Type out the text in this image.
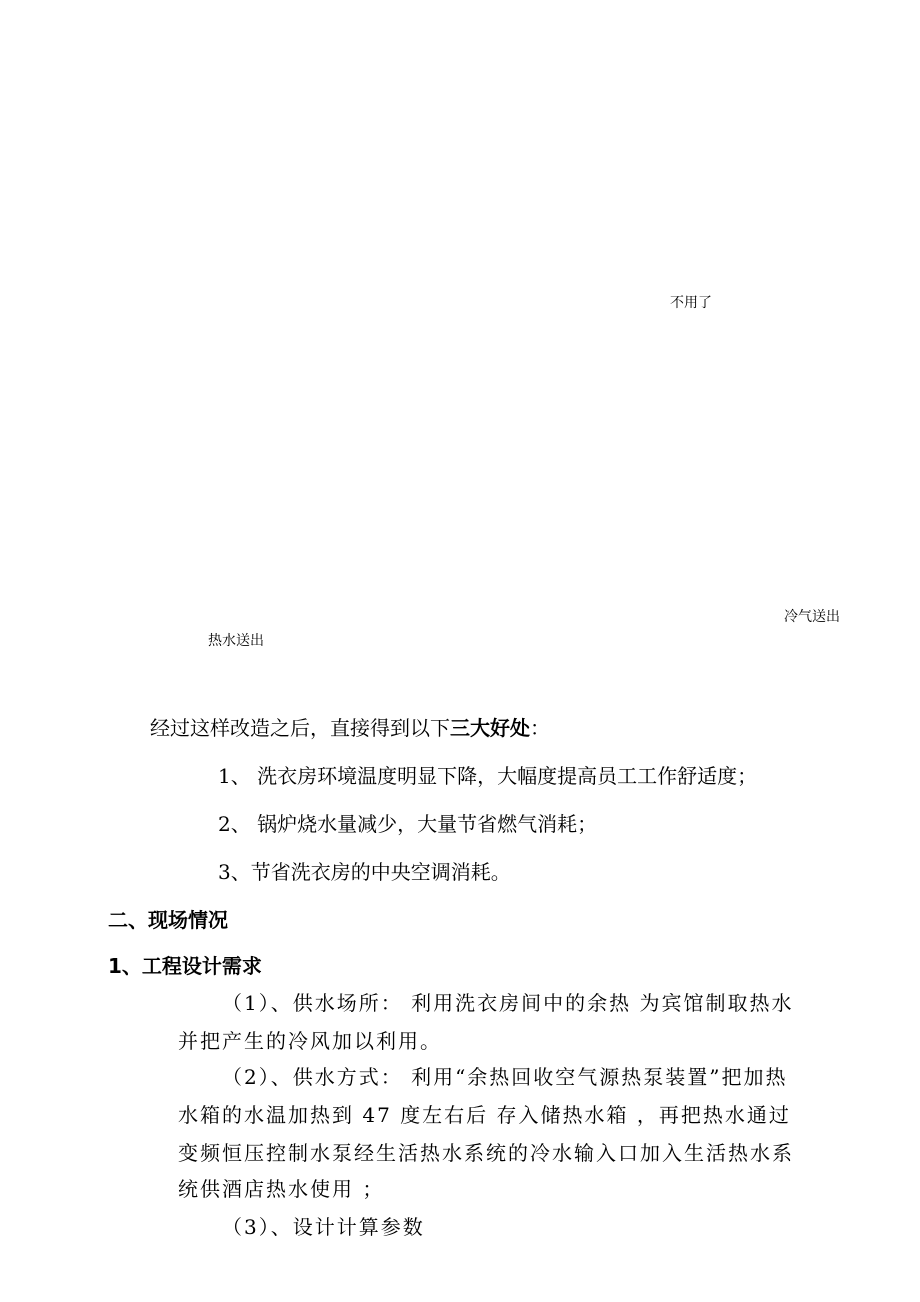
不用了
冷气送出
热水送出
经过这样改造之后，直接得到以下三大好处：
1、 洗衣房环境温度明显下降，大幅度提高员工工作舒适度；
2、 锅炉烧水量减少，大量节省燃气消耗；
3、节省洗衣房的中央空调消耗。
二、现场情况
1、工程设计需求
（1）、供水场所： 利用洗衣房间中的余热 为宾馆制取热水
并把产生的冷风加以利用。
（2）、供水方式： 利用“余热回收空气源热泵装置”把加热
水箱的水温加热到 47 度左右后 存入储热水箱 ，再把热水通过
变频恒压控制水泵经生活热水系统的冷水输入口加入生活热水系
统供酒店热水使用 ；
（3）、设计计算参数
